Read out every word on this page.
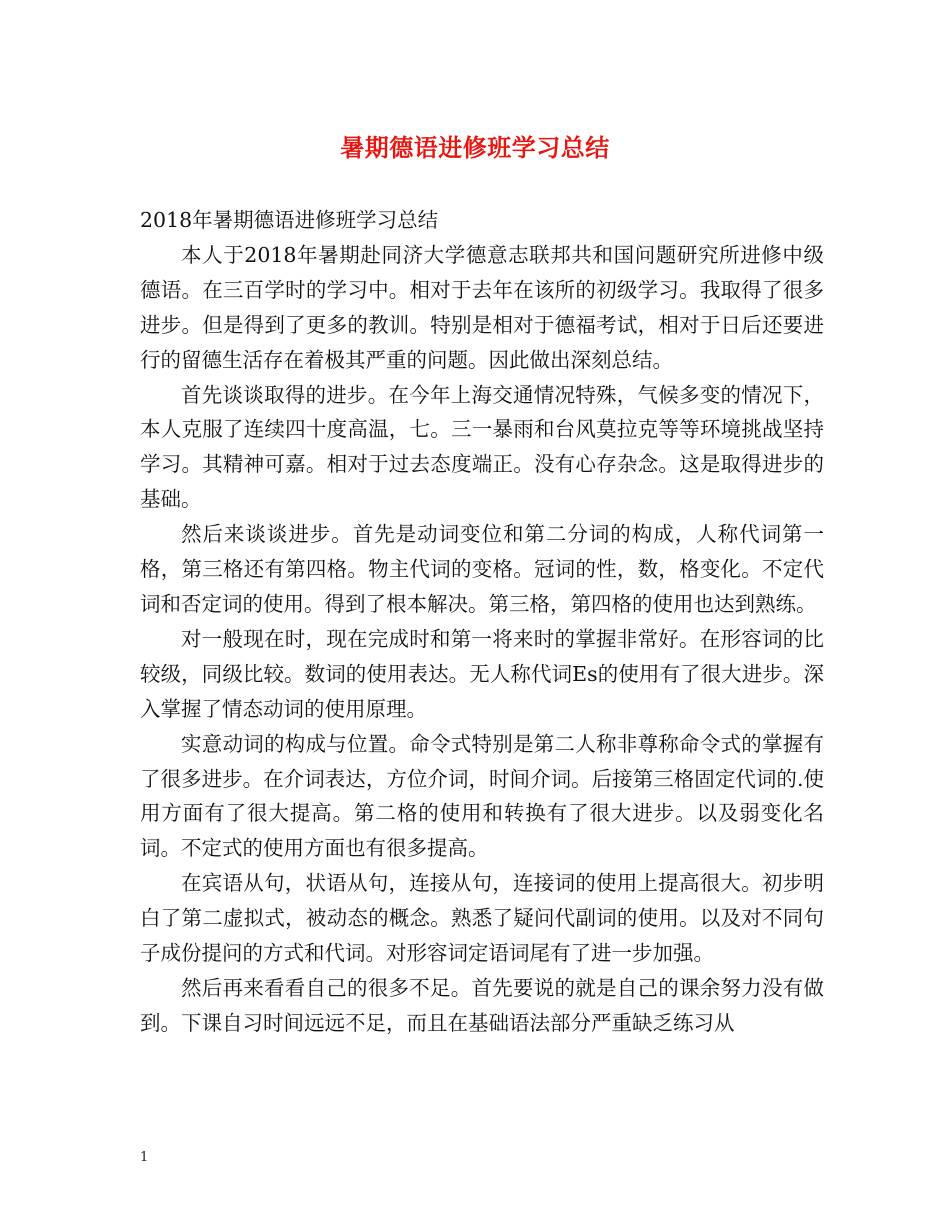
暑期德语进修班学习总结

2018年暑期德语进修班学习总结

本人于2018年暑期赴同济大学德意志联邦共和国问题研究所进修中级德语。在三百学时的学习中。相对于去年在该所的初级学习。我取得了很多进步。但是得到了更多的教训。特别是相对于德福考试，相对于日后还要进行的留德生活存在着极其严重的问题。因此做出深刻总结。

首先谈谈取得的进步。在今年上海交通情况特殊，气候多变的情况下，本人克服了连续四十度高温，七。三一暴雨和台风莫拉克等等环境挑战坚持学习。其精神可嘉。相对于过去态度端正。没有心存杂念。这是取得进步的基础。

然后来谈谈进步。首先是动词变位和第二分词的构成，人称代词第一格，第三格还有第四格。物主代词的变格。冠词的性，数，格变化。不定代词和否定词的使用。得到了根本解决。第三格，第四格的使用也达到熟练。

对一般现在时，现在完成时和第一将来时的掌握非常好。在形容词的比较级，同级比较。数词的使用表达。无人称代词Es的使用有了很大进步。深入掌握了情态动词的使用原理。

实意动词的构成与位置。命令式特别是第二人称非尊称命令式的掌握有了很多进步。在介词表达，方位介词，时间介词。后接第三格固定代词的.使用方面有了很大提高。第二格的使用和转换有了很大进步。以及弱变化名词。不定式的使用方面也有很多提高。

在宾语从句，状语从句，连接从句，连接词的使用上提高很大。初步明白了第二虚拟式，被动态的概念。熟悉了疑问代副词的使用。以及对不同句子成份提问的方式和代词。对形容词定语词尾有了进一步加强。

然后再来看看自己的很多不足。首先要说的就是自己的课余努力没有做到。下课自习时间远远不足，而且在基础语法部分严重缺乏练习从

1
